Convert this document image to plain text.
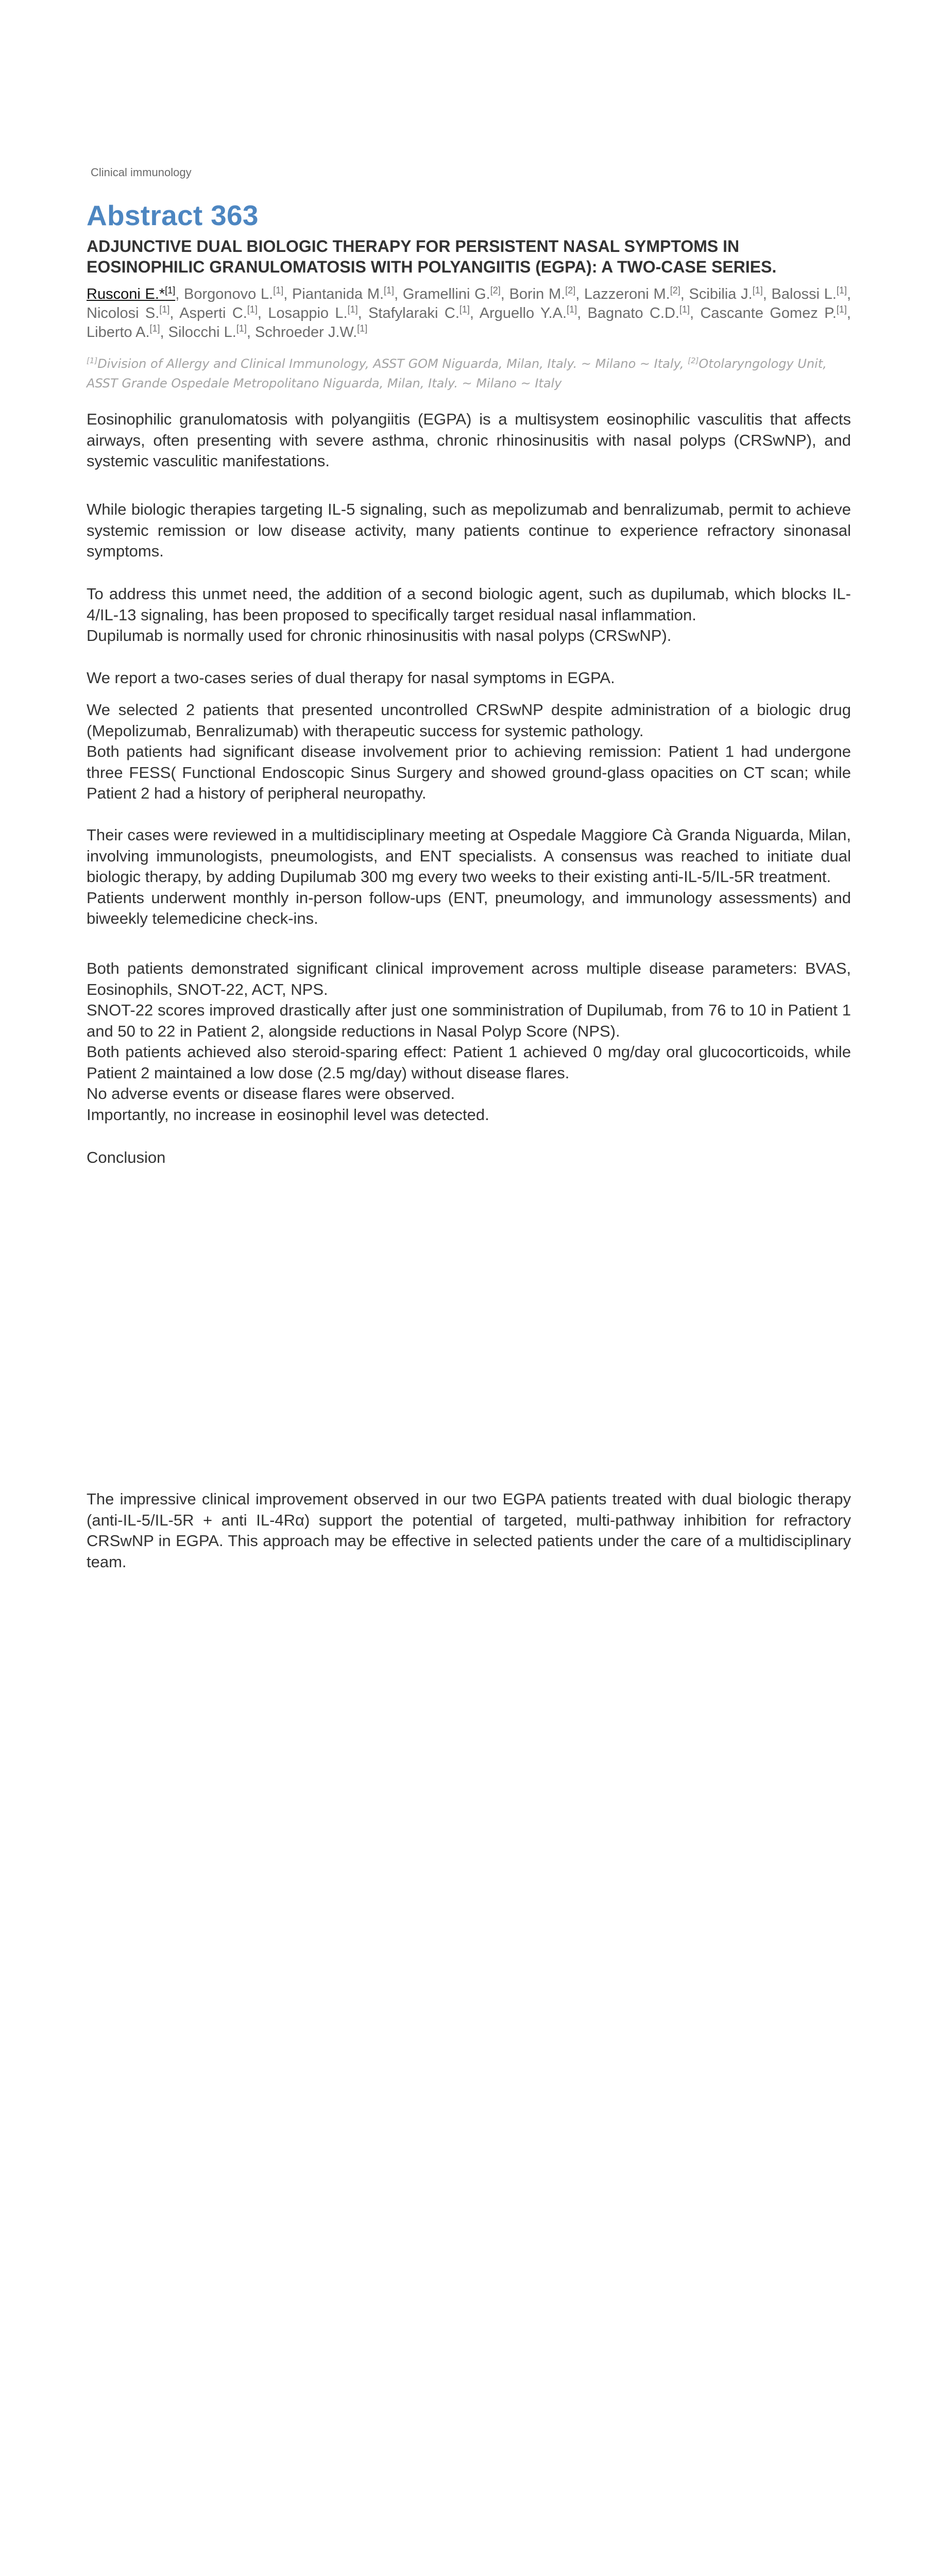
Clinical immunology
Abstract 363
ADJUNCTIVE DUAL BIOLOGIC THERAPY FOR PERSISTENT NASAL SYMPTOMS IN EOSINOPHILIC GRANULOMATOSIS WITH POLYANGIITIS (EGPA): A TWO-CASE SERIES.
Rusconi E.*[1], Borgonovo L.[1], Piantanida M.[1], Gramellini G.[2], Borin M.[2], Lazzeroni M.[2], Scibilia J.[1], Balossi L.[1], Nicolosi S.[1], Asperti C.[1], Losappio L.[1], Stafylaraki C.[1], Arguello Y.A.[1], Bagnato C.D.[1], Cascante Gomez P.[1], Liberto A.[1], Silocchi L.[1], Schroeder J.W.[1]
[1]Division of Allergy and Clinical Immunology, ASST GOM Niguarda, Milan, Italy. ~ Milano ~ Italy, [2]Otolaryngology Unit, ASST Grande Ospedale Metropolitano Niguarda, Milan, Italy. ~ Milano ~ Italy
Eosinophilic granulomatosis with polyangiitis (EGPA) is a multisystem eosinophilic vasculitis that affects airways, often presenting with severe asthma, chronic rhinosinusitis with nasal polyps (CRSwNP), and systemic vasculitic manifestations.
While biologic therapies targeting IL-5 signaling, such as mepolizumab and benralizumab, permit to achieve systemic remission or low disease activity, many patients continue to experience refractory sinonasal symptoms.
To address this unmet need, the addition of a second biologic agent, such as dupilumab, which blocks IL-4/IL-13 signaling, has been proposed to specifically target residual nasal inflammation.
Dupilumab is normally used for chronic rhinosinusitis with nasal polyps (CRSwNP).
We report a two-cases series of dual therapy for nasal symptoms in EGPA.
We selected 2 patients that presented uncontrolled CRSwNP despite administration of a biologic drug (Mepolizumab, Benralizumab) with therapeutic success for systemic pathology.
Both patients had significant disease involvement prior to achieving remission: Patient 1 had undergone three FESS( Functional Endoscopic Sinus Surgery and showed ground-glass opacities on CT scan; while Patient 2 had a history of peripheral neuropathy.
Their cases were reviewed in a multidisciplinary meeting at Ospedale Maggiore Cà Granda Niguarda, Milan, involving immunologists, pneumologists, and ENT specialists. A consensus was reached to initiate dual biologic therapy, by adding Dupilumab 300 mg every two weeks to their existing anti-IL-5/IL-5R treatment.
Patients underwent monthly in-person follow-ups (ENT, pneumology, and immunology assessments) and biweekly telemedicine check-ins.
Both patients demonstrated significant clinical improvement across multiple disease parameters: BVAS, Eosinophils, SNOT-22, ACT, NPS.
SNOT-22 scores improved drastically after just one somministration of Dupilumab, from 76 to 10 in Patient 1 and 50 to 22 in Patient 2, alongside reductions in Nasal Polyp Score (NPS).
Both patients achieved also steroid-sparing effect: Patient 1 achieved 0 mg/day oral glucocorticoids, while Patient 2 maintained a low dose (2.5 mg/day) without disease flares.
No adverse events or disease flares were observed.
Importantly, no increase in eosinophil level was detected.
Conclusion
The impressive clinical improvement observed in our two EGPA patients treated with dual biologic therapy (anti-IL-5/IL-5R + anti IL-4Rα) support the potential of targeted, multi-pathway inhibition for refractory CRSwNP in EGPA. This approach may be effective in selected patients under the care of a multidisciplinary team.
